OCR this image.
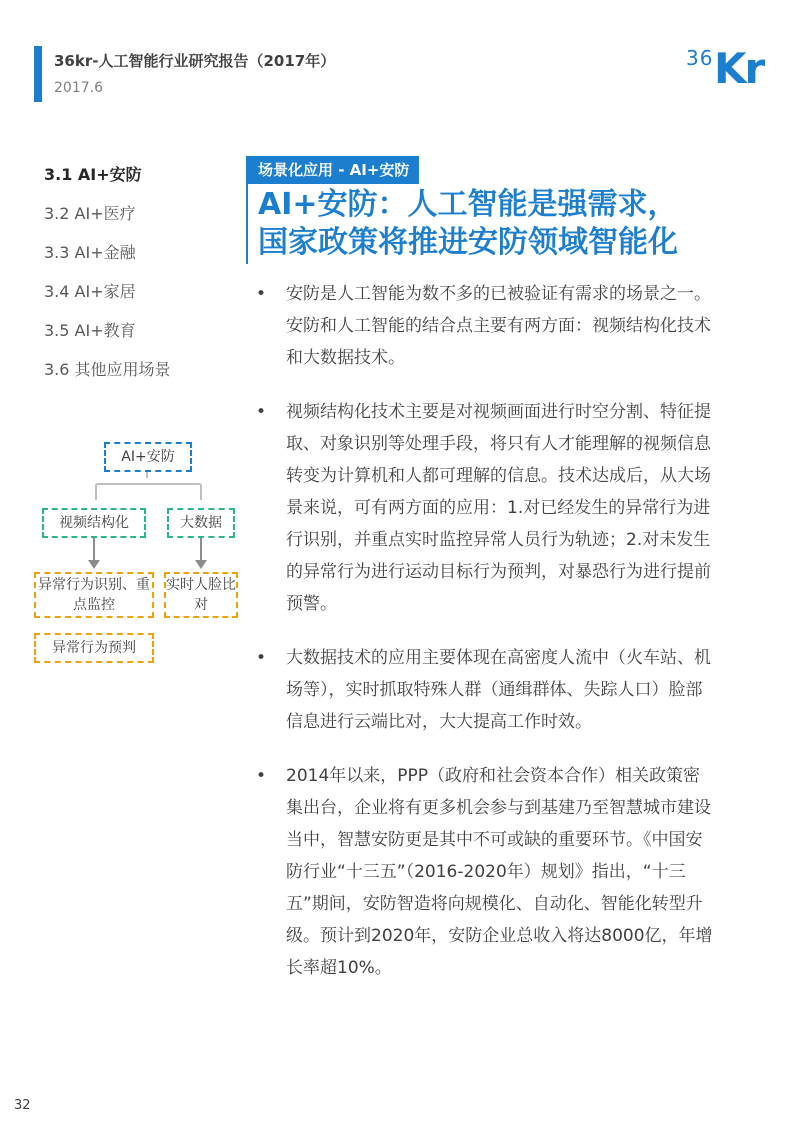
36kr-人工智能行业研究报告（2017年）
2017.6
36 Kr
3.1 AI+安防
3.2 AI+医疗
3.3 AI+金融
3.4 AI+家居
3.5 AI+教育
3.6 其他应用场景
AI+安防
视频结构化	大数据
异常行为识别、重点监控
实时人脸比对
异常行为预判
场景化应用 - AI+安防
AI+安防：人工智能是强需求，
国家政策将推进安防领域智能化
• 安防是人工智能为数不多的已被验证有需求的场景之一。安防和人工智能的结合点主要有两方面：视频结构化技术和大数据技术。
• 视频结构化技术主要是对视频画面进行时空分割、特征提取、对象识别等处理手段，将只有人才能理解的视频信息转变为计算机和人都可理解的信息。技术达成后，从大场景来说，可有两方面的应用：1.对已经发生的异常行为进行识别，并重点实时监控异常人员行为轨迹；2.对未发生的异常行为进行运动目标行为预判，对暴恐行为进行提前预警。
• 大数据技术的应用主要体现在高密度人流中（火车站、机场等），实时抓取特殊人群（通缉群体、失踪人口）脸部信息进行云端比对，大大提高工作时效。
• 2014年以来，PPP（政府和社会资本合作）相关政策密集出台，企业将有更多机会参与到基建乃至智慧城市建设当中，智慧安防更是其中不可或缺的重要环节。《中国安防行业“十三五”（2016-2020年）规划》指出，“十三五”期间，安防智造将向规模化、自动化、智能化转型升级。预计到2020年，安防企业总收入将达8000亿，年增长率超10%。
32
